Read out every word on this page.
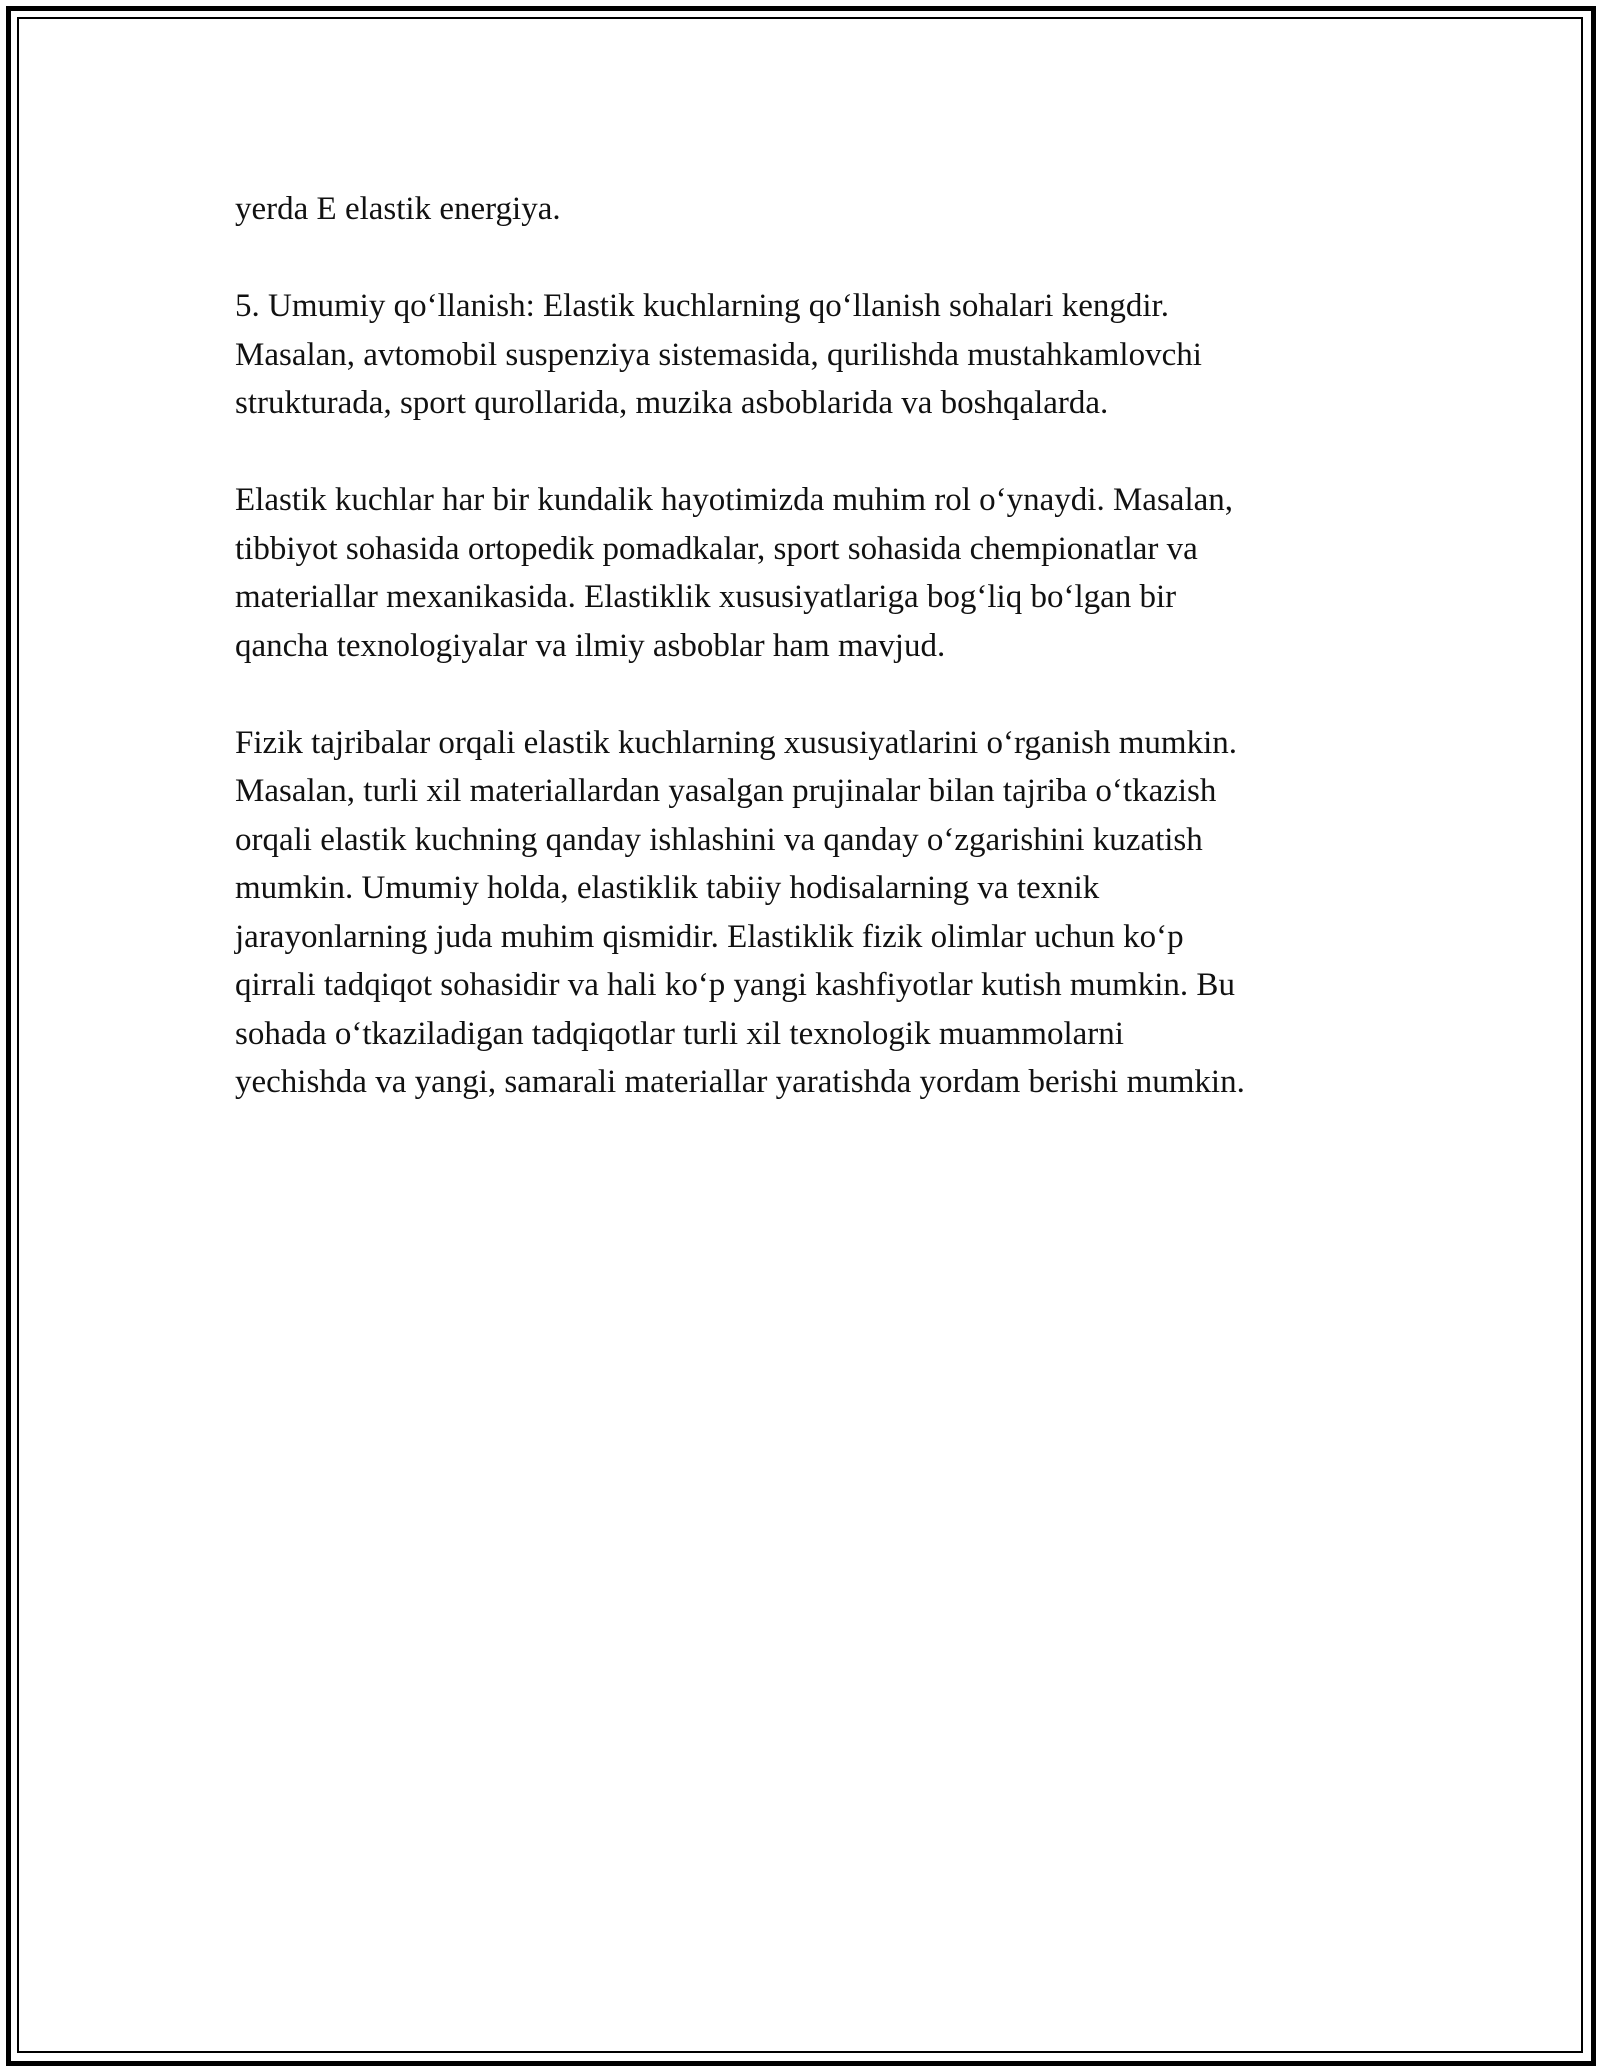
yerda E elastik energiya.

5. Umumiy qo‘llanish: Elastik kuchlarning qo‘llanish sohalari kengdir.
Masalan, avtomobil suspenziya sistemasida, qurilishda mustahkamlovchi
strukturada, sport qurollarida, muzika asboblarida va boshqalarda.

Elastik kuchlar har bir kundalik hayotimizda muhim rol o‘ynaydi. Masalan,
tibbiyot sohasida ortopedik pomadkalar, sport sohasida chempionatlar va
materiallar mexanikasida. Elastiklik xususiyatlariga bog‘liq bo‘lgan bir
qancha texnologiyalar va ilmiy asboblar ham mavjud.

Fizik tajribalar orqali elastik kuchlarning xususiyatlarini o‘rganish mumkin.
Masalan, turli xil materiallardan yasalgan prujinalar bilan tajriba o‘tkazish
orqali elastik kuchning qanday ishlashini va qanday o‘zgarishini kuzatish
mumkin. Umumiy holda, elastiklik tabiiy hodisalarning va texnik
jarayonlarning juda muhim qismidir. Elastiklik fizik olimlar uchun ko‘p
qirrali tadqiqot sohasidir va hali ko‘p yangi kashfiyotlar kutish mumkin. Bu
sohada o‘tkaziladigan tadqiqotlar turli xil texnologik muammolarni
yechishda va yangi, samarali materiallar yaratishda yordam berishi mumkin.
